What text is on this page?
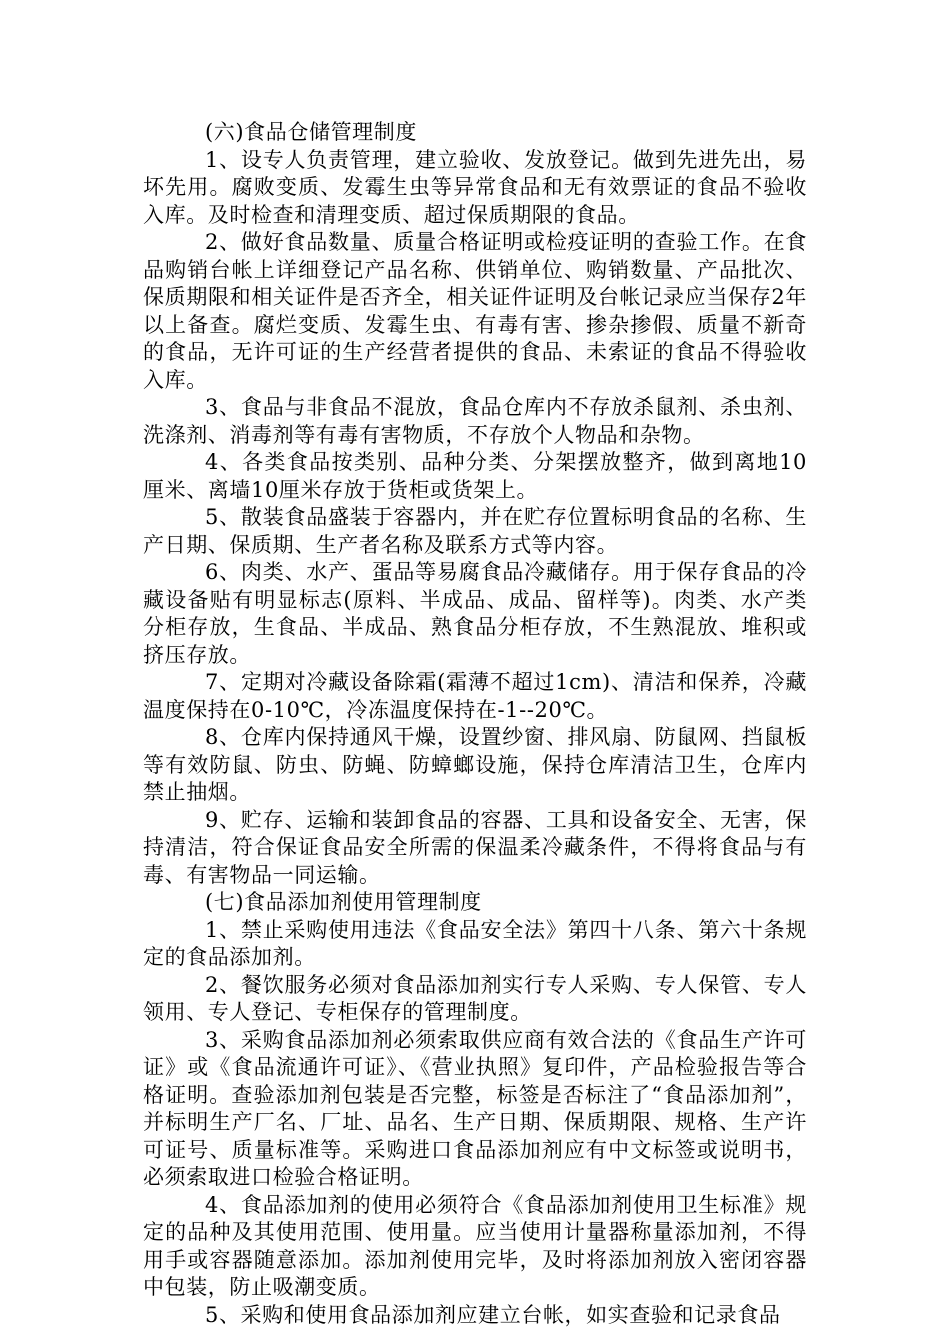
(六)食品仓储管理制度

1、设专人负责管理，建立验收、发放登记。做到先进先出，易坏先用。腐败变质、发霉生虫等异常食品和无有效票证的食品不验收入库。及时检查和清理变质、超过保质期限的食品。

2、做好食品数量、质量合格证明或检疫证明的查验工作。在食品购销台帐上详细登记产品名称、供销单位、购销数量、产品批次、保质期限和相关证件是否齐全，相关证件证明及台帐记录应当保存2年以上备查。腐烂变质、发霉生虫、有毒有害、掺杂掺假、质量不新奇的食品，无许可证的生产经营者提供的食品、未索证的食品不得验收入库。

3、食品与非食品不混放，食品仓库内不存放杀鼠剂、杀虫剂、洗涤剂、消毒剂等有毒有害物质，不存放个人物品和杂物。

4、各类食品按类别、品种分类、分架摆放整齐，做到离地10厘米、离墙10厘米存放于货柜或货架上。

5、散装食品盛装于容器内，并在贮存位置标明食品的名称、生产日期、保质期、生产者名称及联系方式等内容。

6、肉类、水产、蛋品等易腐食品冷藏储存。用于保存食品的冷藏设备贴有明显标志(原料、半成品、成品、留样等)。肉类、水产类分柜存放，生食品、半成品、熟食品分柜存放，不生熟混放、堆积或挤压存放。

7、定期对冷藏设备除霜(霜薄不超过1cm)、清洁和保养，冷藏温度保持在0-10℃，冷冻温度保持在-1--20℃。

8、仓库内保持通风干燥，设置纱窗、排风扇、防鼠网、挡鼠板等有效防鼠、防虫、防蝇、防蟑螂设施，保持仓库清洁卫生，仓库内禁止抽烟。

9、贮存、运输和装卸食品的容器、工具和设备安全、无害，保持清洁，符合保证食品安全所需的保温柔冷藏条件，不得将食品与有毒、有害物品一同运输。

(七)食品添加剂使用管理制度

1、禁止采购使用违法《食品安全法》第四十八条、第六十条规定的食品添加剂。

2、餐饮服务必须对食品添加剂实行专人采购、专人保管、专人领用、专人登记、专柜保存的管理制度。

3、采购食品添加剂必须索取供应商有效合法的《食品生产许可证》或《食品流通许可证》、《营业执照》复印件，产品检验报告等合格证明。查验添加剂包装是否完整，标签是否标注了“食品添加剂”，并标明生产厂名、厂址、品名、生产日期、保质期限、规格、生产许可证号、质量标准等。采购进口食品添加剂应有中文标签或说明书，必须索取进口检验合格证明。

4、食品添加剂的使用必须符合《食品添加剂使用卫生标准》规定的品种及其使用范围、使用量。应当使用计量器称量添加剂，不得用手或容器随意添加。添加剂使用完毕，及时将添加剂放入密闭容器中包装，防止吸潮变质。

5、采购和使用食品添加剂应建立台帐，如实查验和记录食品
